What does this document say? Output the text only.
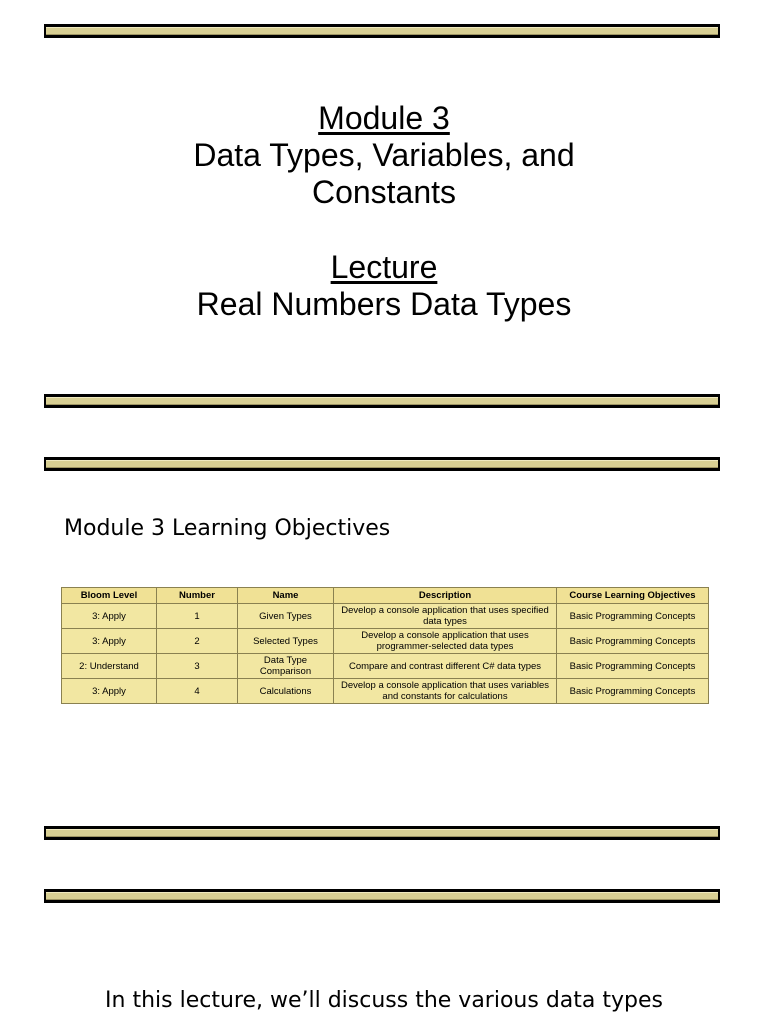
Module 3
Data Types, Variables, and
Constants
Lecture
Real Numbers Data Types
Module 3 Learning Objectives
Bloom Level	Number	Name	Description	Course Learning Objectives
3: Apply	1	Given Types	Develop a console application that uses specified data types	Basic Programming Concepts
3: Apply	2	Selected Types	Develop a console application that uses programmer-selected data types	Basic Programming Concepts
2: Understand	3	Data Type Comparison	Compare and contrast different C# data types	Basic Programming Concepts
3: Apply	4	Calculations	Develop a console application that uses variables and constants for calculations	Basic Programming Concepts
In this lecture, we’ll discuss the various data types
